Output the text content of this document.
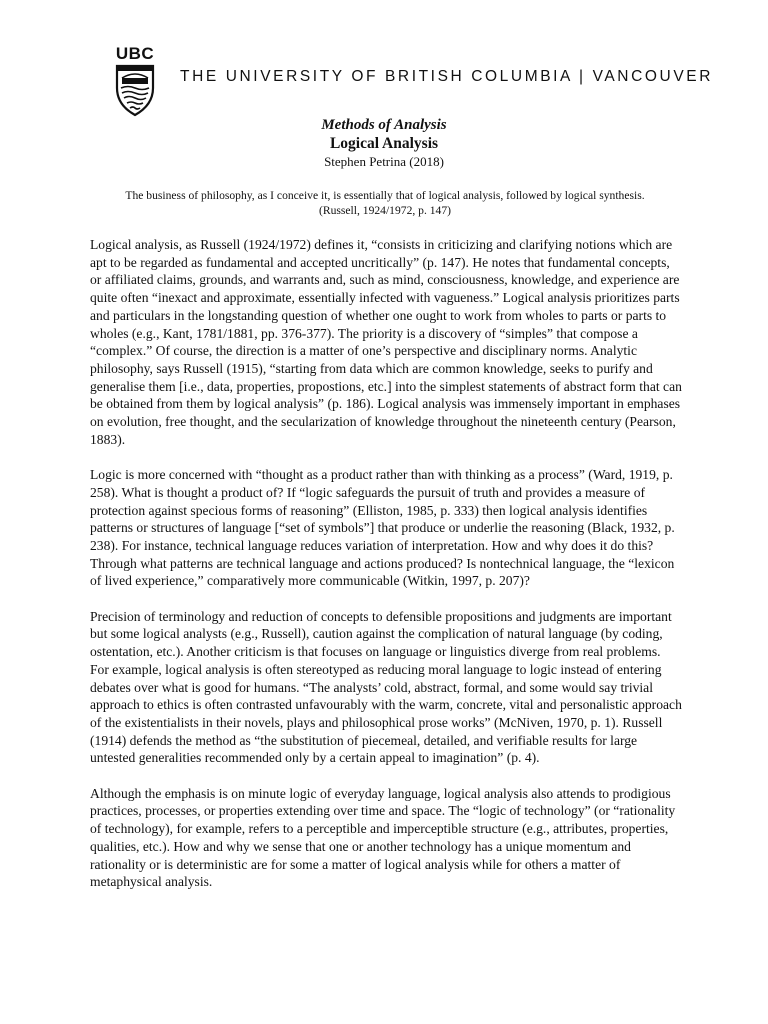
UBC
THE UNIVERSITY OF BRITISH COLUMBIA | VANCOUVER
Methods of Analysis
Logical Analysis
Stephen Petrina (2018)
The business of philosophy, as I conceive it, is essentially that of logical analysis, followed by logical synthesis.
(Russell, 1924/1972, p. 147)

Logical analysis, as Russell (1924/1972) defines it, “consists in criticizing and clarifying notions which are apt to be regarded as fundamental and accepted uncritically” (p. 147). He notes that fundamental concepts, or affiliated claims, grounds, and warrants and, such as mind, consciousness, knowledge, and experience are quite often “inexact and approximate, essentially infected with vagueness.” Logical analysis prioritizes parts and particulars in the longstanding question of whether one ought to work from wholes to parts or parts to wholes (e.g., Kant, 1781/1881, pp. 376-377). The priority is a discovery of “simples” that compose a “complex.” Of course, the direction is a matter of one’s perspective and disciplinary norms. Analytic philosophy, says Russell (1915), “starting from data which are common knowledge, seeks to purify and generalise them [i.e., data, properties, propostions, etc.] into the simplest statements of abstract form that can be obtained from them by logical analysis” (p. 186). Logical analysis was immensely important in emphases on evolution, free thought, and the secularization of knowledge throughout the nineteenth century (Pearson, 1883).

Logic is more concerned with “thought as a product rather than with thinking as a process” (Ward, 1919, p. 258). What is thought a product of? If “logic safeguards the pursuit of truth and provides a measure of protection against specious forms of reasoning” (Elliston, 1985, p. 333) then logical analysis identifies patterns or structures of language [“set of symbols”] that produce or underlie the reasoning (Black, 1932, p. 238). For instance, technical language reduces variation of interpretation. How and why does it do this? Through what patterns are technical language and actions produced? Is nontechnical language, the “lexicon of lived experience,” comparatively more communicable (Witkin, 1997, p. 207)?

Precision of terminology and reduction of concepts to defensible propositions and judgments are important but some logical analysts (e.g., Russell), caution against the complication of natural language (by coding, ostentation, etc.). Another criticism is that focuses on language or linguistics diverge from real problems. For example, logical analysis is often stereotyped as reducing moral language to logic instead of entering debates over what is good for humans. “The analysts’ cold, abstract, formal, and some would say trivial approach to ethics is often contrasted unfavourably with the warm, concrete, vital and personalistic approach of the existentialists in their novels, plays and philosophical prose works” (McNiven, 1970, p. 1). Russell (1914) defends the method as “the substitution of piecemeal, detailed, and verifiable results for large untested generalities recommended only by a certain appeal to imagination” (p. 4).

Although the emphasis is on minute logic of everyday language, logical analysis also attends to prodigious practices, processes, or properties extending over time and space. The “logic of technology” (or “rationality of technology), for example, refers to a perceptible and imperceptible structure (e.g., attributes, properties, qualities, etc.). How and why we sense that one or another technology has a unique momentum and rationality or is deterministic are for some a matter of logical analysis while for others a matter of metaphysical analysis.
